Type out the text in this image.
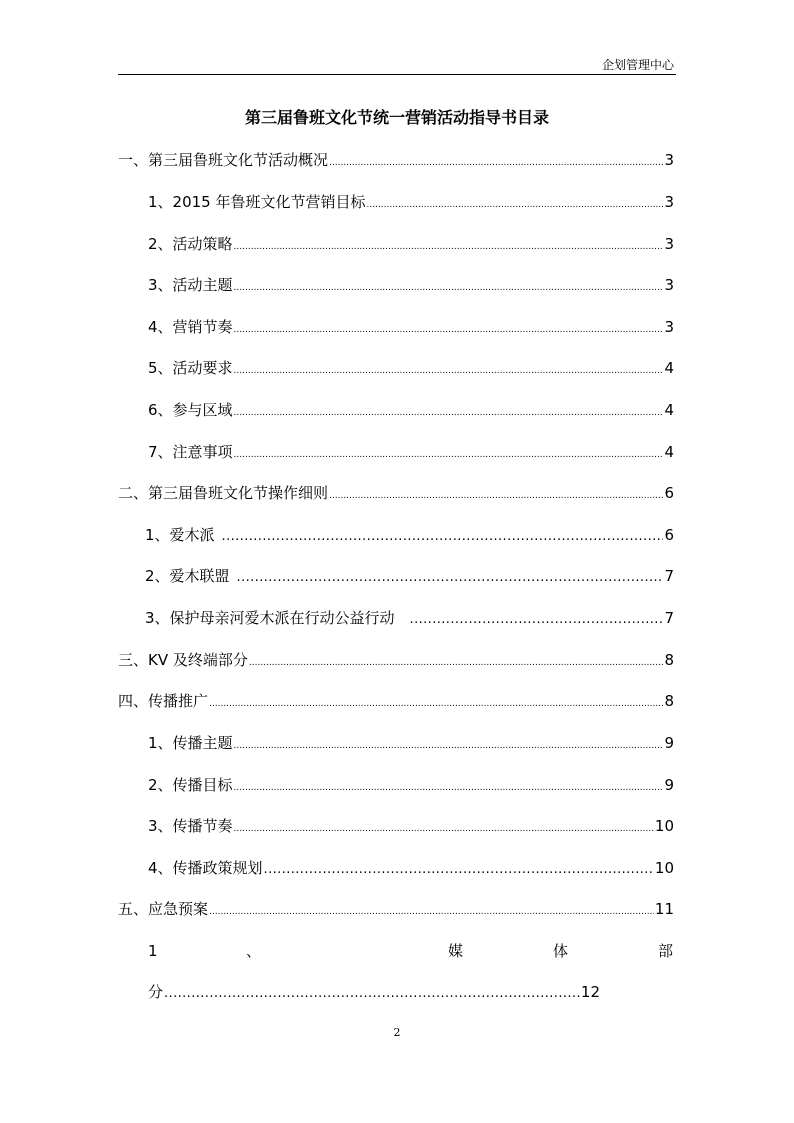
企划管理中心
第三届鲁班文化节统一营销活动指导书目录
一、第三届鲁班文化节活动概况 .....	3
1、2015 年鲁班文化节营销目标 .....	3
2、活动策略 .....	3
3、活动主题 .....	3
4、营销节奏 .....	3
5、活动要求 .....	4
6、参与区域 .....	4
7、注意事项 .....	4
二、第三届鲁班文化节操作细则 .....	6
1、爱木派 .....	6
2、爱木联盟 .....	7
3、保护母亲河爱木派在行动公益行动 .....	7
三、KV 及终端部分 .....	8
四、传播推广 .....	8
1、传播主题 .....	9
2、传播目标 .....	9
3、传播节奏 .....	10
4、传播政策规划 .....	10
五、应急预案 .....	11
1	、	媒	体	部
分 .....	12
2
